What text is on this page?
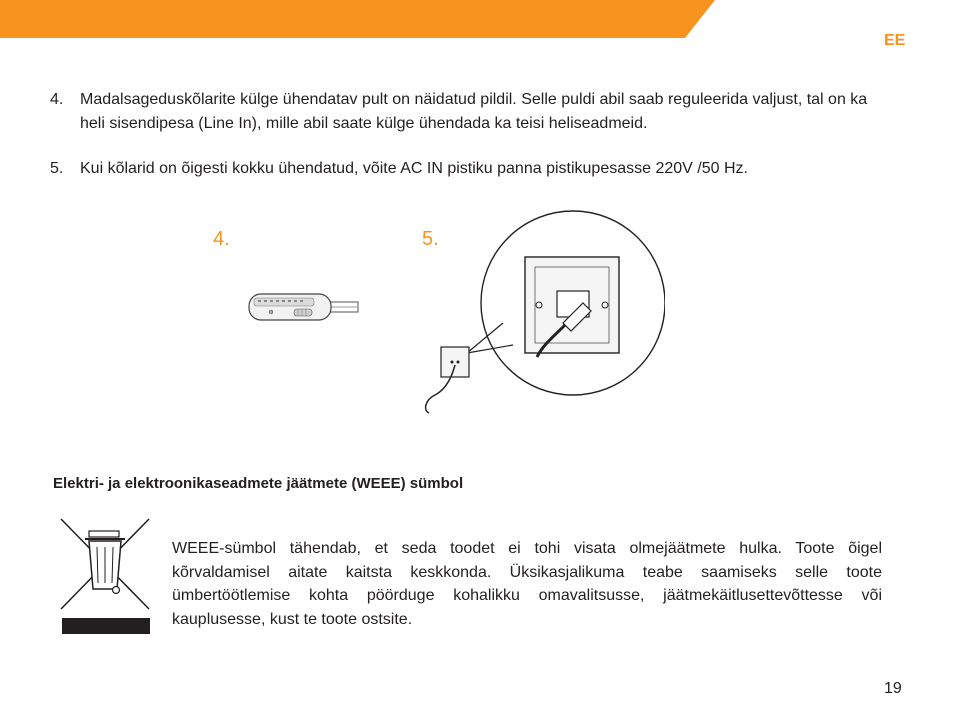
EE
4. Madalsageduskõlarite külge ühendatav pult on näidatud pildil. Selle puldi abil saab reguleerida valjust, tal on ka heli sisendipesa (Line In), mille abil saate külge ühendada ka teisi heliseadmeid.
5. Kui kõlarid on õigesti kokku ühendatud, võite AC IN pistiku panna pistikupesasse 220V /50 Hz.
4.	5.
Elektri- ja elektroonikaseadmete jäätmete (WEEE) sümbol

WEEE-sümbol tähendab, et seda toodet ei tohi visata olmejäätmete hulka. Toote õigel kõrvaldamisel aitate kaitsta keskkonda. Üksikasjalikuma teabe saamiseks selle toote ümbertöötlemise kohta pöörduge kohalikku omavalitsusse, jäätmekäitlusettevõttesse või kauplusesse, kust te toote ostsite.

19
